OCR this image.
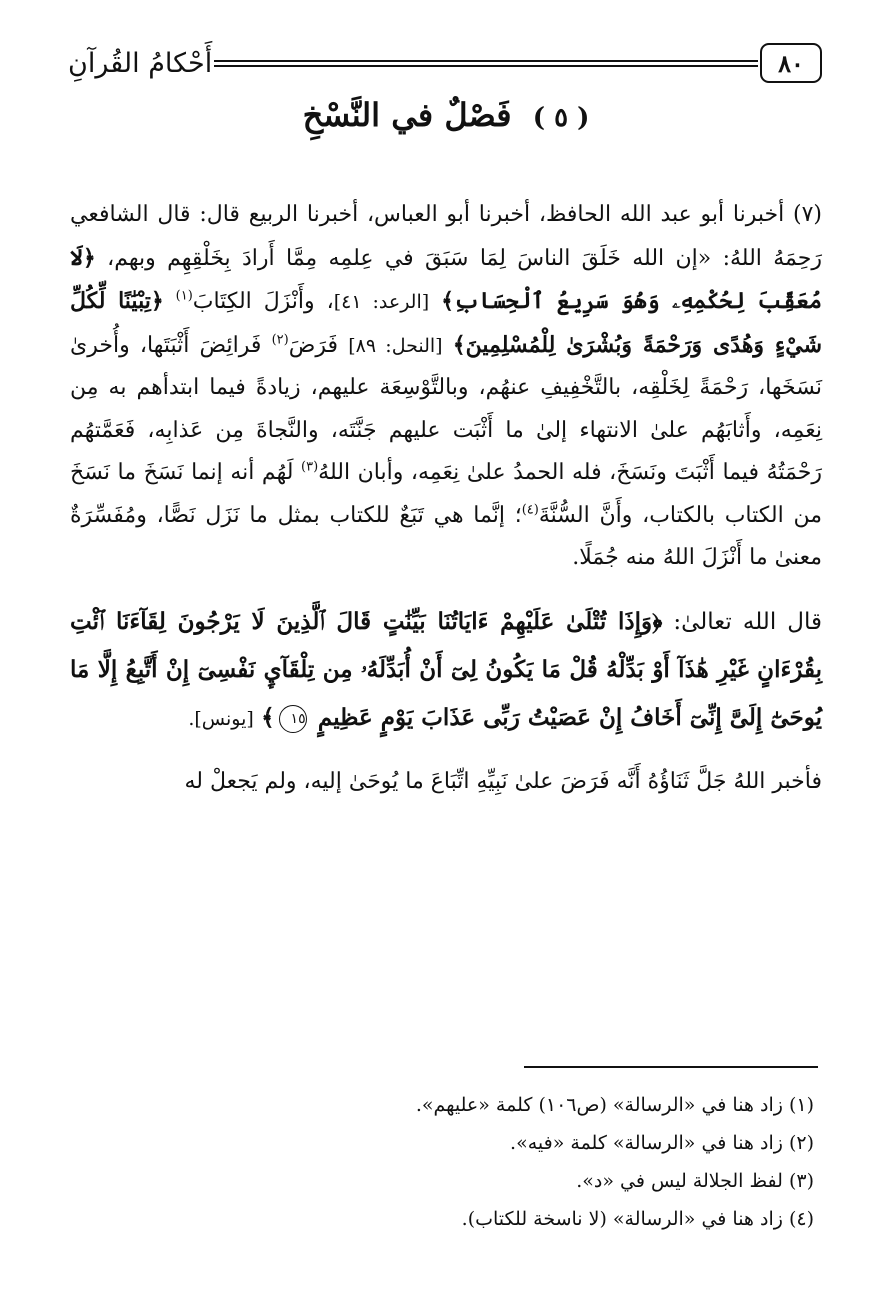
٨٠
أَحْكامُ القُرآنِ
( ٥ ) فَصْلٌ في النَّسْخِ

(٧) أخبرنا أبو عبد الله الحافظ، أخبرنا أبو العباس، أخبرنا الربيع قال: قال الشافعي رَحِمَهُ اللهُ: «إن الله خَلَقَ الناسَ لِمَا سَبَقَ في عِلمِه مِمَّا أَرادَ بِخَلْقِهِم وبهم، ﴿لَا مُعَقِّبَ لِحُكْمِهِۦ وَهُوَ سَرِيعُ ٱلْحِسَابِ﴾ [الرعد: ٤١]، وأَنْزَلَ الكِتَابَ$^{(١)}$ ﴿تِبْيَٰنًا لِّكُلِّ شَيْءٍ وَهُدًى وَرَحْمَةً وَبُشْرَىٰ لِلْمُسْلِمِينَ﴾ [النحل: ٨٩] فَرَضَ$^{(٢)}$ فَرائِضَ أَثْبَتَها، وأُخرىٰ نَسَخَها، رَحْمَةً لِخَلْقِه، بالتَّخْفِيفِ عنهُم، وبالتَّوْسِعَة عليهم، زيادةً فيما ابتدأهم به مِن نِعَمِه، وأَثابَهُم علىٰ الانتهاء إلىٰ ما أَثْبَت عليهم جَنَّتَه، والنَّجاةَ مِن عَذابِه، فَعَمَّتهُم رَحْمَتُهُ فيما أَثْبَتَ ونَسَخَ، فله الحمدُ علىٰ نِعَمِه، وأبان اللهُ$^{(٣)}$ لَهُم أنه إنما نَسَخَ ما نَسَخَ من الكتاب بالكتاب، وأَنَّ السُّنَّةَ$^{(٤)}$؛ إنَّما هي تَبَعٌ للكتاب بمثل ما نَزَل نَصًّا، ومُفَسِّرَةٌ معنىٰ ما أَنْزَلَ اللهُ منه جُمَلًا.

قال الله تعالىٰ: ﴿وَإِذَا تُتْلَىٰ عَلَيْهِمْ ءَايَاتُنَا بَيِّنَٰتٍ قَالَ ٱلَّذِينَ لَا يَرْجُونَ لِقَآءَنَا ٱئْتِ بِقُرْءَانٍ غَيْرِ هَٰذَآ أَوْ بَدِّلْهُ قُلْ مَا يَكُونُ لِىٓ أَنْ أُبَدِّلَهُۥ مِن تِلْقَآيِٕ نَفْسِىٓ إِنْ أَتَّبِعُ إِلَّا مَا يُوحَىٰٓ إِلَىَّ إِنِّىٓ أَخَافُ إِنْ عَصَيْتُ رَبِّى عَذَابَ يَوْمٍ عَظِيمٍ ١٥﴾ [يونس].

فأخبر اللهُ جَلَّ ثَنَاؤُهُ أَنَّه فَرَضَ علىٰ نَبِيِّهِ اتِّبَاعَ ما يُوحَىٰ إليه، ولم يَجعلْ له

(١) زاد هنا في «الرسالة» (ص١٠٦) كلمة «عليهم».

(٢) زاد هنا في «الرسالة» كلمة «فيه».

(٣) لفظ الجلالة ليس في «د».

(٤) زاد هنا في «الرسالة» (لا ناسخة للكتاب).
